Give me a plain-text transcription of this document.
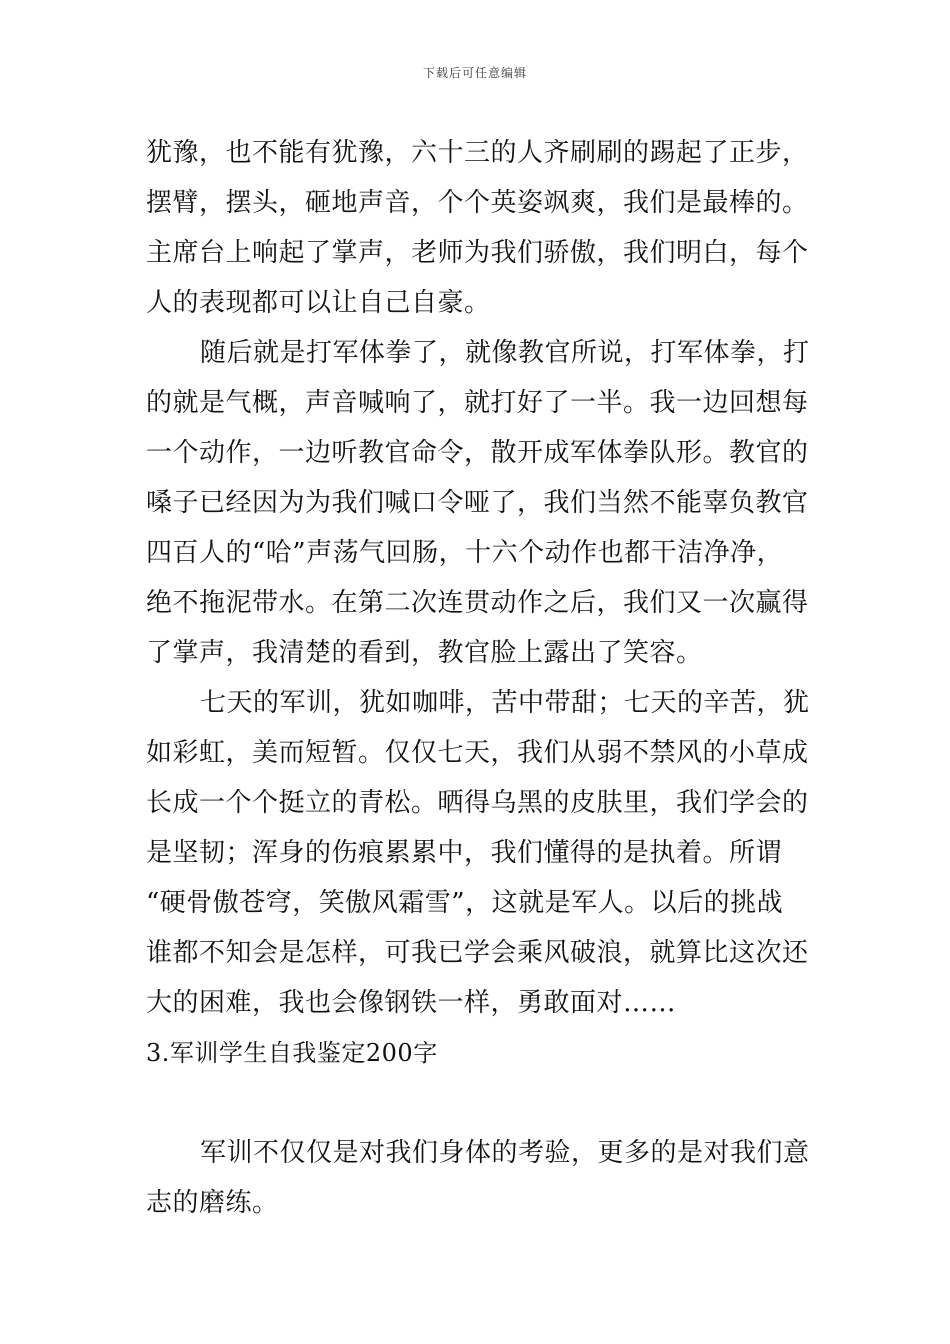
下载后可任意编辑
犹豫，也不能有犹豫，六十三的人齐刷刷的踢起了正步，
摆臂，摆头，砸地声音，个个英姿飒爽，我们是最棒的。
主席台上响起了掌声，老师为我们骄傲，我们明白，每个
人的表现都可以让自己自豪。
随后就是打军体拳了，就像教官所说，打军体拳，打
的就是气概，声音喊响了，就打好了一半。我一边回想每
一个动作，一边听教官命令，散开成军体拳队形。教官的
嗓子已经因为为我们喊口令哑了，我们当然不能辜负教官
四百人的“哈”声荡气回肠，十六个动作也都干洁净净，
绝不拖泥带水。在第二次连贯动作之后，我们又一次赢得
了掌声，我清楚的看到，教官脸上露出了笑容。
七天的军训，犹如咖啡，苦中带甜；七天的辛苦，犹
如彩虹，美而短暂。仅仅七天，我们从弱不禁风的小草成
长成一个个挺立的青松。晒得乌黑的皮肤里，我们学会的
是坚韧；浑身的伤痕累累中，我们懂得的是执着。所谓
“硬骨傲苍穹，笑傲风霜雪”，这就是军人。以后的挑战
谁都不知会是怎样，可我已学会乘风破浪，就算比这次还
大的困难，我也会像钢铁一样，勇敢面对……
3.军训学生自我鉴定200字
军训不仅仅是对我们身体的考验，更多的是对我们意
志的磨练。
